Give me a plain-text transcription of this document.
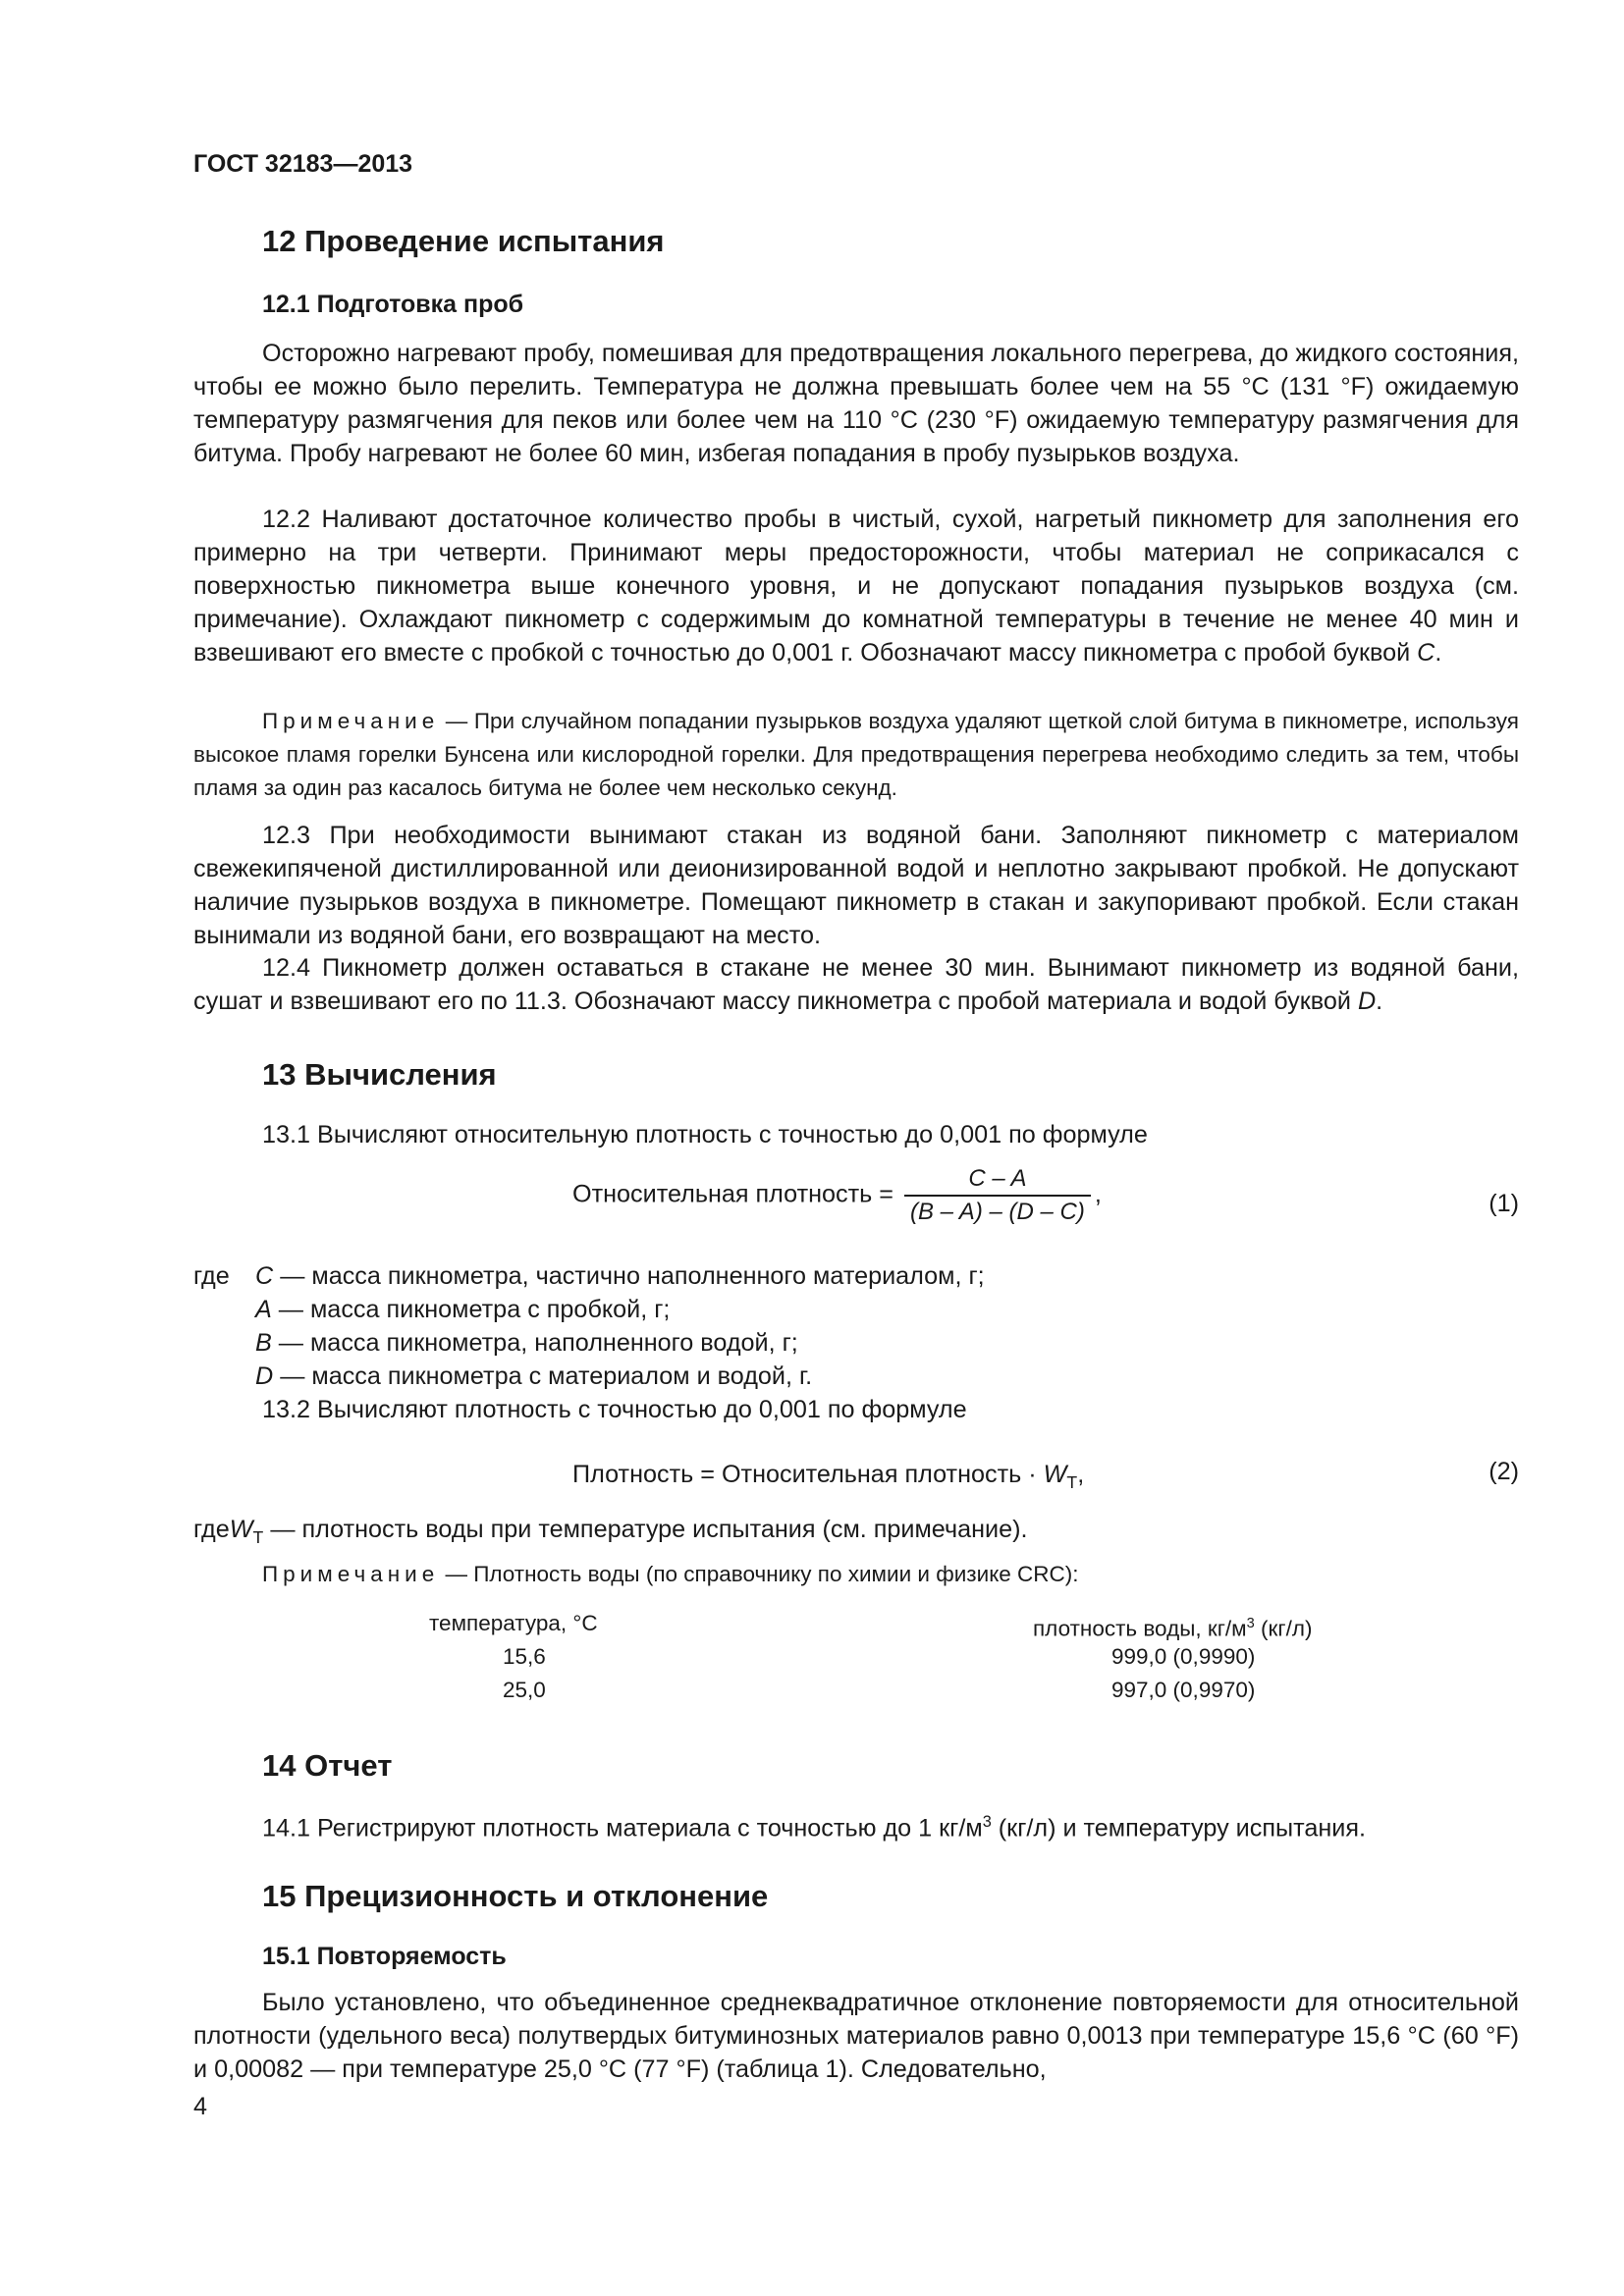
ГОСТ 32183—2013
12 Проведение испытания
12.1 Подготовка проб

Осторожно нагревают пробу, помешивая для предотвращения локального перегрева, до жидкого состояния, чтобы ее можно было перелить. Температура не должна превышать более чем на 55 °С (131 °F) ожидаемую температуру размягчения для пеков или более чем на 110 °С (230 °F) ожидаемую температуру размягчения для битума. Пробу нагревают не более 60 мин, избегая попадания в пробу пузырьков воздуха.

12.2 Наливают достаточное количество пробы в чистый, сухой, нагретый пикнометр для заполнения его примерно на три четверти. Принимают меры предосторожности, чтобы материал не соприкасался с поверхностью пикнометра выше конечного уровня, и не допускают попадания пузырьков воздуха (см. примечание). Охлаждают пикнометр с содержимым до комнатной температуры в течение не менее 40 мин и взвешивают его вместе с пробкой с точностью до 0,001 г. Обозначают массу пикнометра с пробой буквой С.

Примечание — При случайном попадании пузырьков воздуха удаляют щеткой слой битума в пикнометре, используя высокое пламя горелки Бунсена или кислородной горелки. Для предотвращения перегрева необходимо следить за тем, чтобы пламя за один раз касалось битума не более чем несколько секунд.

12.3 При необходимости вынимают стакан из водяной бани. Заполняют пикнометр с материалом свежекипяченой дистиллированной или деионизированной водой и неплотно закрывают пробкой. Не допускают наличие пузырьков воздуха в пикнометре. Помещают пикнометр в стакан и закупоривают пробкой. Если стакан вынимали из водяной бани, его возвращают на место.

12.4 Пикнометр должен оставаться в стакане не менее 30 мин. Вынимают пикнометр из водяной бани, сушат и взвешивают его по 11.3. Обозначают массу пикнометра с пробой материала и водой буквой D.

13 Вычисления
13.1 Вычисляют относительную плотность с точностью до 0,001 по формуле
Относительная плотность = $\frac{C - A}{(B - A) - (D - C)}$ ,	(1)
где C — масса пикнометра, частично наполненного материалом, г;
A — масса пикнометра с пробкой, г;
B — масса пикнометра, наполненного водой, г;
D — масса пикнометра с материалом и водой, г.
13.2 Вычисляют плотность с точностью до 0,001 по формуле
Плотность = Относительная плотность · $W_T$,	(2)
гдеW$_T$ — плотность воды при температуре испытания (см. примечание).
Примечание — Плотность воды (по справочнику по химии и физике CRC):
температура, °С	плотность воды, $кг/м^3$ (кг/л)
15,6	999,0 (0,9990)
25,0	997,0 (0,9970)
14 Отчет
14.1 Регистрируют плотность материала с точностью до 1 $кг/м^3$ (кг/л) и температуру испытания.
15 Прецизионность и отклонение
15.1 Повторяемость

Было установлено, что объединенное среднеквадратичное отклонение повторяемости для относительной плотности (удельного веса) полутвердых битуминозных материалов равно 0,0013 при температуре 15,6 °С (60 °F) и 0,00082 — при температуре 25,0 °С (77 °F) (таблица 1). Следовательно,

4
